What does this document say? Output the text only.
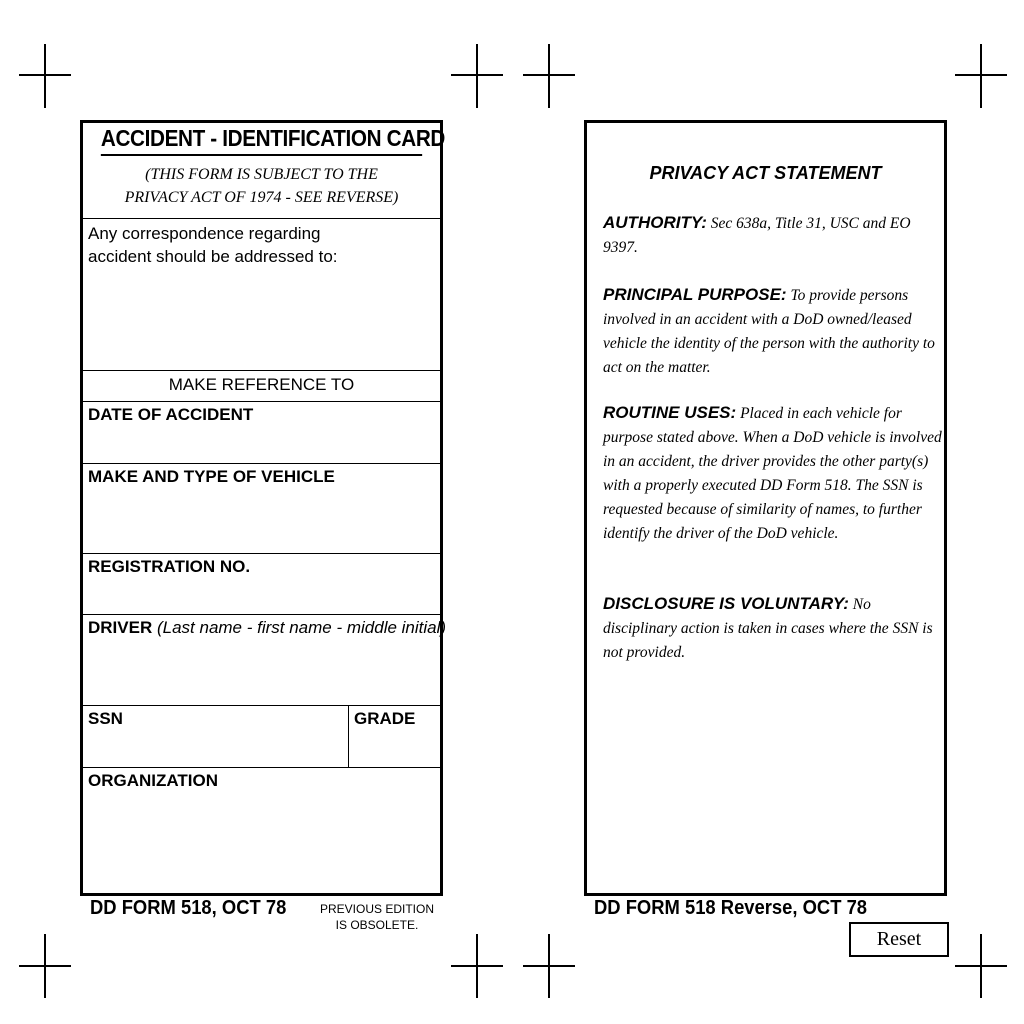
ACCIDENT - IDENTIFICATION CARD
(THIS FORM IS SUBJECT TO THE
PRIVACY ACT OF 1974 - SEE REVERSE)
Any correspondence regarding accident should be addressed to:
MAKE REFERENCE TO
DATE OF ACCIDENT
MAKE AND TYPE OF VEHICLE
REGISTRATION NO.
DRIVER (Last name - first name - middle initial)
SSN	GRADE
ORGANIZATION
DD FORM 518, OCT 78	PREVIOUS EDITION
IS OBSOLETE.
PRIVACY ACT STATEMENT
AUTHORITY: Sec 638a, Title 31, USC and EO 9397.
PRINCIPAL PURPOSE: To provide persons involved in an accident with a DoD owned/leased vehicle the identity of the person with the authority to act on the matter.
ROUTINE USES: Placed in each vehicle for purpose stated above. When a DoD vehicle is involved in an accident, the driver provides the other party(s) with a properly executed DD Form 518. The SSN is requested because of similarity of names, to further identify the driver of the DoD vehicle.
DISCLOSURE IS VOLUNTARY: No disciplinary action is taken in cases where the SSN is not provided.
DD FORM 518 Reverse, OCT 78
Reset
